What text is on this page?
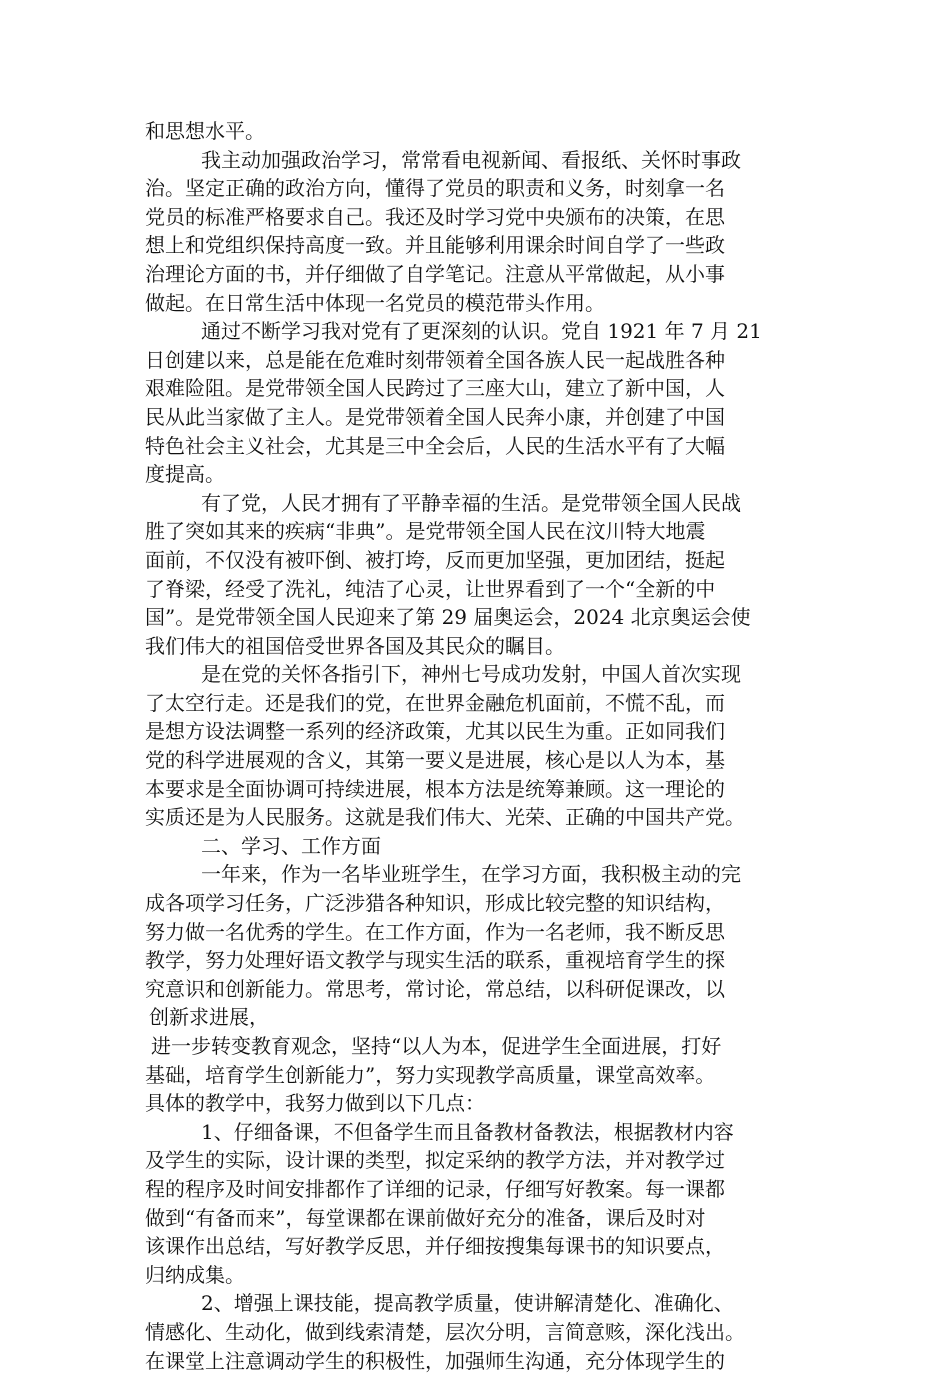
和思想水平。
我主动加强政治学习，常常看电视新闻、看报纸、关怀时事政
治。坚定正确的政治方向，懂得了党员的职责和义务，时刻拿一名
党员的标准严格要求自己。我还及时学习党中央颁布的决策，在思
想上和党组织保持高度一致。并且能够利用课余时间自学了一些政
治理论方面的书，并仔细做了自学笔记。注意从平常做起，从小事
做起。在日常生活中体现一名党员的模范带头作用。
通过不断学习我对党有了更深刻的认识。党自 1921 年 7 月 21
日创建以来，总是能在危难时刻带领着全国各族人民一起战胜各种
艰难险阻。是党带领全国人民跨过了三座大山，建立了新中国，人
民从此当家做了主人。是党带领着全国人民奔小康，并创建了中国
特色社会主义社会，尤其是三中全会后，人民的生活水平有了大幅
度提高。
有了党，人民才拥有了平静幸福的生活。是党带领全国人民战
胜了突如其来的疾病“非典”。是党带领全国人民在汶川特大地震
面前，不仅没有被吓倒、被打垮，反而更加坚强，更加团结，挺起
了脊梁，经受了洗礼，纯洁了心灵，让世界看到了一个“全新的中
国”。是党带领全国人民迎来了第 29 届奥运会，2024 北京奥运会使
我们伟大的祖国倍受世界各国及其民众的瞩目。
是在党的关怀各指引下，神州七号成功发射，中国人首次实现
了太空行走。还是我们的党，在世界金融危机面前，不慌不乱，而
是想方设法调整一系列的经济政策，尤其以民生为重。正如同我们
党的科学进展观的含义，其第一要义是进展，核心是以人为本，基
本要求是全面协调可持续进展，根本方法是统筹兼顾。这一理论的
实质还是为人民服务。这就是我们伟大、光荣、正确的中国共产党。
二、学习、工作方面
一年来，作为一名毕业班学生，在学习方面，我积极主动的完
成各项学习任务，广泛涉猎各种知识，形成比较完整的知识结构，
努力做一名优秀的学生。在工作方面，作为一名老师，我不断反思
教学，努力处理好语文教学与现实生活的联系，重视培育学生的探
究意识和创新能力。常思考，常讨论，常总结，以科研促课改，以
创新求进展，
进一步转变教育观念，坚持“以人为本，促进学生全面进展，打好
基础，培育学生创新能力”，努力实现教学高质量，课堂高效率。
具体的教学中，我努力做到以下几点：
1、仔细备课，不但备学生而且备教材备教法，根据教材内容
及学生的实际，设计课的类型，拟定采纳的教学方法，并对教学过
程的程序及时间安排都作了详细的记录，仔细写好教案。每一课都
做到“有备而来”，每堂课都在课前做好充分的准备，课后及时对
该课作出总结，写好教学反思，并仔细按搜集每课书的知识要点，
归纳成集。
2、增强上课技能，提高教学质量，使讲解清楚化、准确化、
情感化、生动化，做到线索清楚，层次分明，言简意赅，深化浅出。
在课堂上注意调动学生的积极性，加强师生沟通，充分体现学生的
